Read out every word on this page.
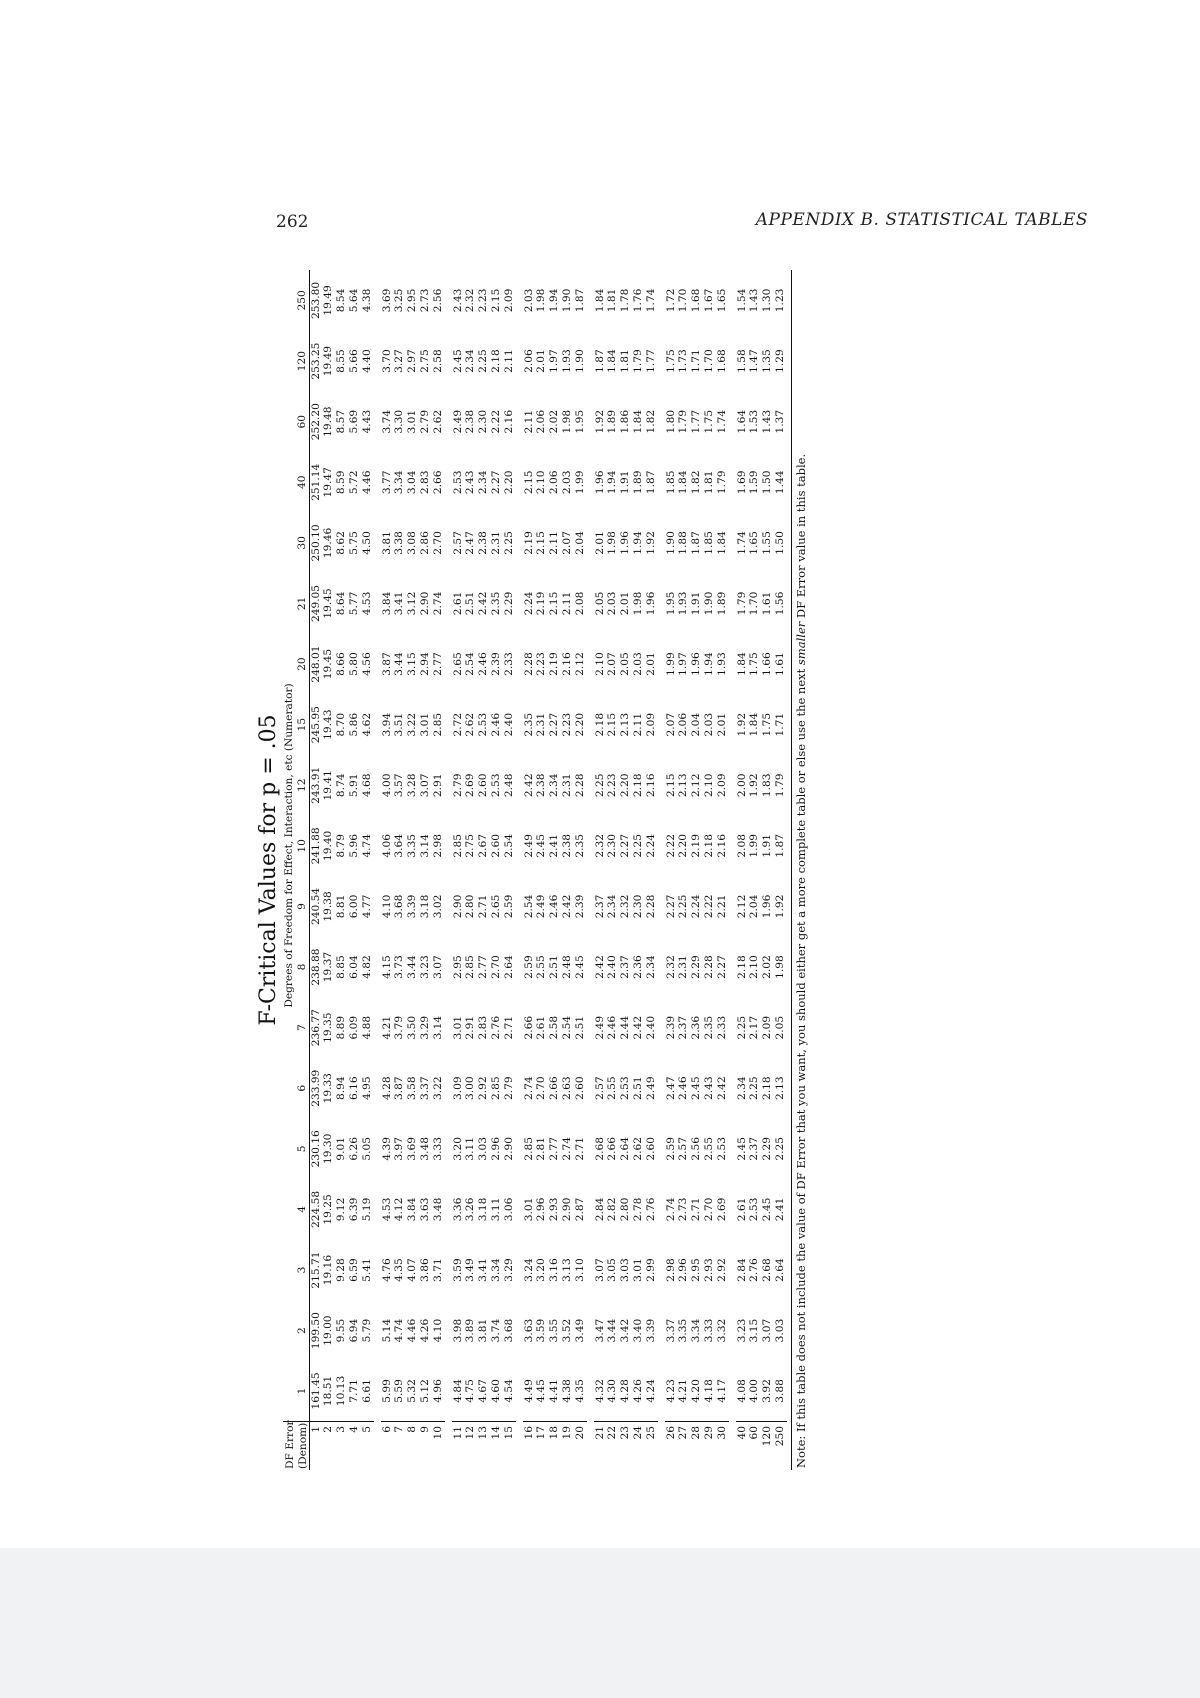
262	APPENDIX B. STATISTICAL TABLES
F-Critical Values for p = .05
DF Error	Degrees of Freedom for Effect, Interaction, etc (Numerator)																		
(Denom)	1	2	3	4	5	6	7	8	9	10	12	15	20	21	30	40	60	120	250
1	161.45	199.50	215.71	224.58	230.16	233.99	236.77	238.88	240.54	241.88	243.91	245.95	248.01	249.05	250.10	251.14	252.20	253.25	253.80
2	18.51	19.00	19.16	19.25	19.30	19.33	19.35	19.37	19.38	19.40	19.41	19.43	19.45	19.45	19.46	19.47	19.48	19.49	19.49
3	10.13	9.55	9.28	9.12	9.01	8.94	8.89	8.85	8.81	8.79	8.74	8.70	8.66	8.64	8.62	8.59	8.57	8.55	8.54
4	7.71	6.94	6.59	6.39	6.26	6.16	6.09	6.04	6.00	5.96	5.91	5.86	5.80	5.77	5.75	5.72	5.69	5.66	5.64
5	6.61	5.79	5.41	5.19	5.05	4.95	4.88	4.82	4.77	4.74	4.68	4.62	4.56	4.53	4.50	4.46	4.43	4.40	4.38

6	5.99	5.14	4.76	4.53	4.39	4.28	4.21	4.15	4.10	4.06	4.00	3.94	3.87	3.84	3.81	3.77	3.74	3.70	3.69
7	5.59	4.74	4.35	4.12	3.97	3.87	3.79	3.73	3.68	3.64	3.57	3.51	3.44	3.41	3.38	3.34	3.30	3.27	3.25
8	5.32	4.46	4.07	3.84	3.69	3.58	3.50	3.44	3.39	3.35	3.28	3.22	3.15	3.12	3.08	3.04	3.01	2.97	2.95
9	5.12	4.26	3.86	3.63	3.48	3.37	3.29	3.23	3.18	3.14	3.07	3.01	2.94	2.90	2.86	2.83	2.79	2.75	2.73
10	4.96	4.10	3.71	3.48	3.33	3.22	3.14	3.07	3.02	2.98	2.91	2.85	2.77	2.74	2.70	2.66	2.62	2.58	2.56

11	4.84	3.98	3.59	3.36	3.20	3.09	3.01	2.95	2.90	2.85	2.79	2.72	2.65	2.61	2.57	2.53	2.49	2.45	2.43
12	4.75	3.89	3.49	3.26	3.11	3.00	2.91	2.85	2.80	2.75	2.69	2.62	2.54	2.51	2.47	2.43	2.38	2.34	2.32
13	4.67	3.81	3.41	3.18	3.03	2.92	2.83	2.77	2.71	2.67	2.60	2.53	2.46	2.42	2.38	2.34	2.30	2.25	2.23
14	4.60	3.74	3.34	3.11	2.96	2.85	2.76	2.70	2.65	2.60	2.53	2.46	2.39	2.35	2.31	2.27	2.22	2.18	2.15
15	4.54	3.68	3.29	3.06	2.90	2.79	2.71	2.64	2.59	2.54	2.48	2.40	2.33	2.29	2.25	2.20	2.16	2.11	2.09

16	4.49	3.63	3.24	3.01	2.85	2.74	2.66	2.59	2.54	2.49	2.42	2.35	2.28	2.24	2.19	2.15	2.11	2.06	2.03
17	4.45	3.59	3.20	2.96	2.81	2.70	2.61	2.55	2.49	2.45	2.38	2.31	2.23	2.19	2.15	2.10	2.06	2.01	1.98
18	4.41	3.55	3.16	2.93	2.77	2.66	2.58	2.51	2.46	2.41	2.34	2.27	2.19	2.15	2.11	2.06	2.02	1.97	1.94
19	4.38	3.52	3.13	2.90	2.74	2.63	2.54	2.48	2.42	2.38	2.31	2.23	2.16	2.11	2.07	2.03	1.98	1.93	1.90
20	4.35	3.49	3.10	2.87	2.71	2.60	2.51	2.45	2.39	2.35	2.28	2.20	2.12	2.08	2.04	1.99	1.95	1.90	1.87

21	4.32	3.47	3.07	2.84	2.68	2.57	2.49	2.42	2.37	2.32	2.25	2.18	2.10	2.05	2.01	1.96	1.92	1.87	1.84
22	4.30	3.44	3.05	2.82	2.66	2.55	2.46	2.40	2.34	2.30	2.23	2.15	2.07	2.03	1.98	1.94	1.89	1.84	1.81
23	4.28	3.42	3.03	2.80	2.64	2.53	2.44	2.37	2.32	2.27	2.20	2.13	2.05	2.01	1.96	1.91	1.86	1.81	1.78
24	4.26	3.40	3.01	2.78	2.62	2.51	2.42	2.36	2.30	2.25	2.18	2.11	2.03	1.98	1.94	1.89	1.84	1.79	1.76
25	4.24	3.39	2.99	2.76	2.60	2.49	2.40	2.34	2.28	2.24	2.16	2.09	2.01	1.96	1.92	1.87	1.82	1.77	1.74

26	4.23	3.37	2.98	2.74	2.59	2.47	2.39	2.32	2.27	2.22	2.15	2.07	1.99	1.95	1.90	1.85	1.80	1.75	1.72
27	4.21	3.35	2.96	2.73	2.57	2.46	2.37	2.31	2.25	2.20	2.13	2.06	1.97	1.93	1.88	1.84	1.79	1.73	1.70
28	4.20	3.34	2.95	2.71	2.56	2.45	2.36	2.29	2.24	2.19	2.12	2.04	1.96	1.91	1.87	1.82	1.77	1.71	1.68
29	4.18	3.33	2.93	2.70	2.55	2.43	2.35	2.28	2.22	2.18	2.10	2.03	1.94	1.90	1.85	1.81	1.75	1.70	1.67
30	4.17	3.32	2.92	2.69	2.53	2.42	2.33	2.27	2.21	2.16	2.09	2.01	1.93	1.89	1.84	1.79	1.74	1.68	1.65

40	4.08	3.23	2.84	2.61	2.45	2.34	2.25	2.18	2.12	2.08	2.00	1.92	1.84	1.79	1.74	1.69	1.64	1.58	1.54
60	4.00	3.15	2.76	2.53	2.37	2.25	2.17	2.10	2.04	1.99	1.92	1.84	1.75	1.70	1.65	1.59	1.53	1.47	1.43
120	3.92	3.07	2.68	2.45	2.29	2.18	2.09	2.02	1.96	1.91	1.83	1.75	1.66	1.61	1.55	1.50	1.43	1.35	1.30
250	3.88	3.03	2.64	2.41	2.25	2.13	2.05	1.98	1.92	1.87	1.79	1.71	1.61	1.56	1.50	1.44	1.37	1.29	1.23
Note: If this table does not include the value of DF Error that you want, you should either get a more complete table or else use the next smaller DF Error value in this table.
